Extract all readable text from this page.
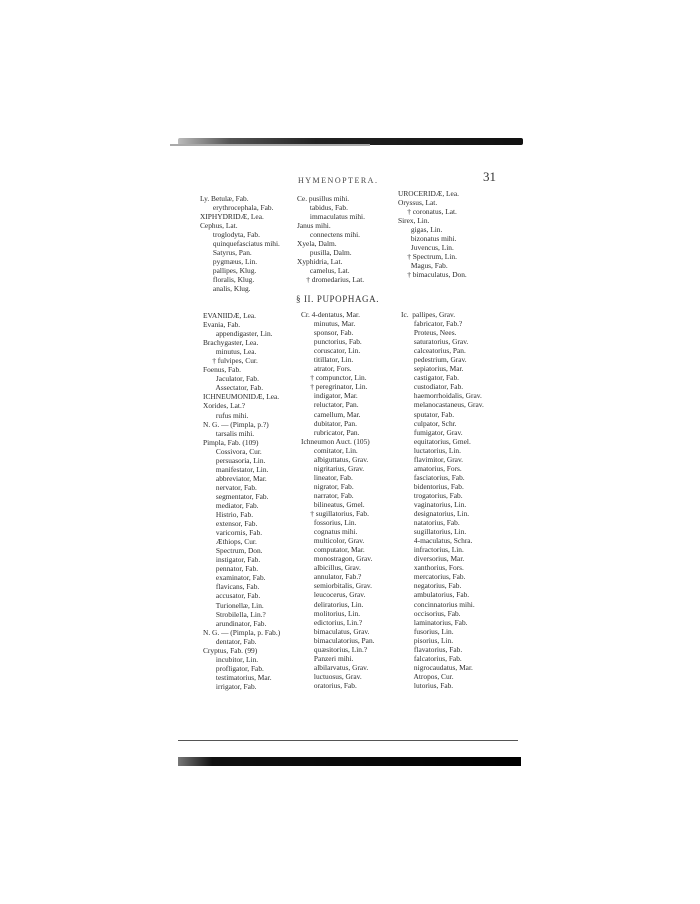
31
HYMENOPTERA.
Ly. Betulæ, Fab.
erythrocephala, Fab.
XIPHYDRIDÆ, Lea.
Cephus, Lat.
troglodyta, Fab.
quinquefasciatus mihi.
Satyrus, Pan.
pygmæus, Lin.
pallipes, Klug.
floralis, Klug.
analis, Klug.
Ce. pusillus mihi.
tabidus, Fab.
immaculatus mihi.
Janus mihi.
connectens mihi.
Xyela, Dalm.
pusilla, Dalm.
Xyphidria, Lat.
camelus, Lat.
† dromedarius, Lat.
UROCERIDÆ, Lea.
Oryssus, Lat.
† coronatus, Lat.
Sirex, Lin.
gigas, Lin.
bizonatus mihi.
Juvencus, Lin.
† Spectrum, Lin.
Magus, Fab.
† bimaculatus, Don.
§ II. PUPOPHAGA.
EVANIIDÆ, Lea.
Evania, Fab.
appendigaster, Lin.
Brachygaster, Lea.
minutus, Lea.
† fulvipes, Cur.
Foenus, Fab.
Jaculator, Fab.
Assectator, Fab.
ICHNEUMONIDÆ, Lea.
Xorides, Lat.?
rufus mihi.
N. G. — (Pimpla, p.?)
tarsalis mihi.
Pimpla, Fab. (109)
Cossivora, Cur.
persuasoria, Lin.
manifestator, Lin.
abbreviator, Mar.
nervator, Fab.
segmentator, Fab.
mediator, Fab.
Histrio, Fab.
extensor, Fab.
varicornis, Fab.
Æthiops, Cur.
Spectrum, Don.
instigator, Fab.
pennator, Fab.
examinator, Fab.
flavicans, Fab.
accusator, Fab.
Turionellæ, Lin.
Strobilella, Lin.?
arundinator, Fab.
N. G. — (Pimpla, p. Fab.)
dentator, Fab.
Cryptus, Fab. (99)
incubitor, Lin.
profligator, Fab.
testimatorius, Mar.
irrigator, Fab.
Cr. 4-dentatus, Mar.
minutus, Mar.
sponsor, Fab.
punctorius, Fab.
coruscator, Lin.
titillator, Lin.
atrator, Fors.
† compunctor, Lin.
† peregrinator, Lin.
indigator, Mar.
reluctator, Pan.
camellum, Mar.
dubitator, Pan.
rubricator, Pan.
Ichneumon Auct. (105)
comitator, Lin.
albiguttatus, Grav.
nigritarius, Grav.
lineator, Fab.
nigrator, Fab.
narrator, Fab.
bilineatus, Gmel.
† sugillatorius, Fab.
fossorius, Lin.
cognatus mihi.
multicolor, Grav.
computator, Mar.
monostragon, Grav.
albicillus, Grav.
annulator, Fab.?
semiorbitalis, Grav.
leucocerus, Grav.
deliratorius, Lin.
molitorius, Lin.
edictorius, Lin.?
bimaculatus, Grav.
bimaculatorius, Pan.
quæsitorius, Lin.?
Panzeri mihi.
albilarvatus, Grav.
luctuosus, Grav.
oratorius, Fab.
Ic.  pallipes, Grav.
fabricator, Fab.?
Proteus, Nees.
saturatorius, Grav.
calceatorius, Pan.
pedestrium, Grav.
sepiatorius, Mar.
castigator, Fab.
custodiator, Fab.
haemorrhoidalis, Grav.
melanocastaneus, Grav.
sputator, Fab.
culpator, Schr.
fumigator, Grav.
equitatorius, Gmel.
luctatorius, Lin.
flavimitor, Grav.
amatorius, Fors.
fasciatorius, Fab.
bidentorius, Fab.
trogatorius, Fab.
vaginatorius, Lin.
designatorius, Lin.
natatorius, Fab.
sugillatorius, Lin.
4-maculatus, Schra.
infractorius, Lin.
diversorius, Mar.
xanthorius, Fors.
mercatorius, Fab.
negatorius, Fab.
ambulatorius, Fab.
concinnatorius mihi.
occisorius, Fab.
laminatorius, Fab.
fusorius, Lin.
pisorius, Lin.
flavatorius, Fab.
falcatorius, Fab.
nigrocaudatus, Mar.
Atropos, Cur.
lutorius, Fab.
